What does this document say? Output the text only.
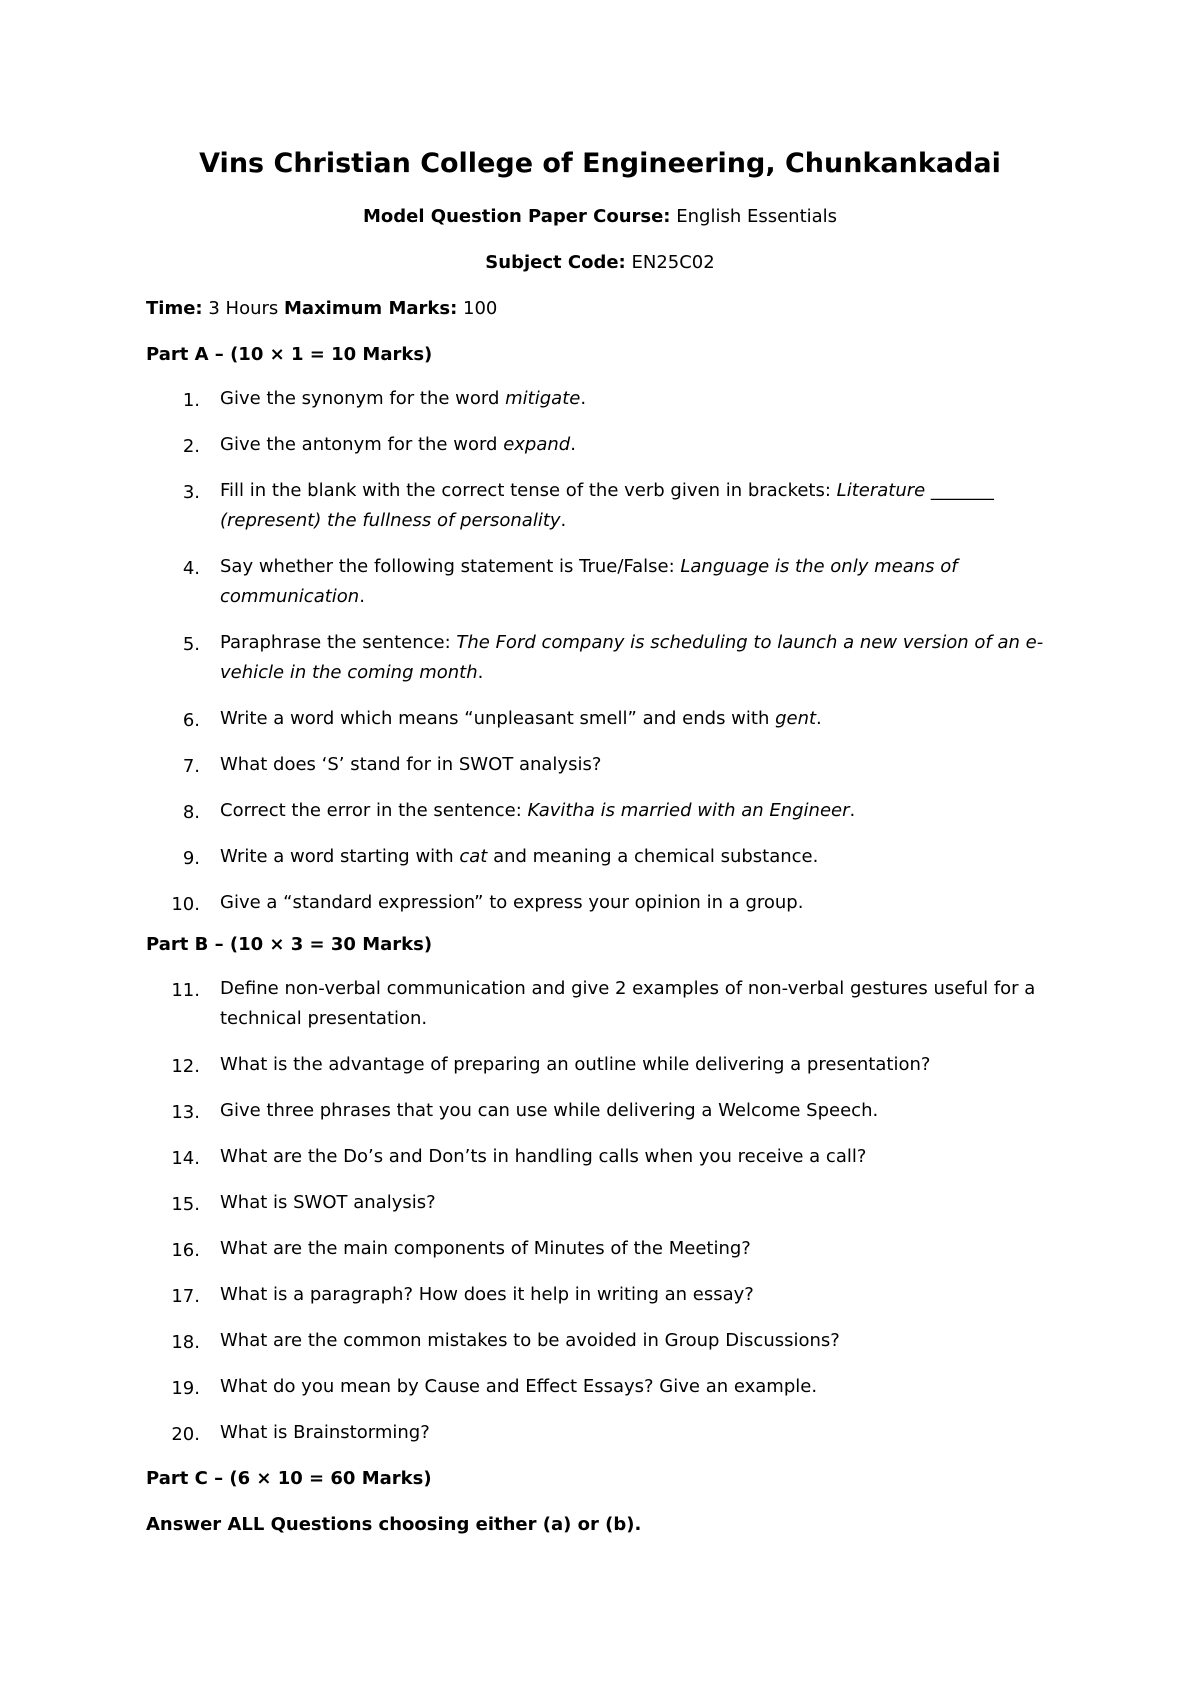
Vins Christian College of Engineering, Chunkankadai
Model Question Paper Course: English Essentials
Subject Code: EN25C02
Time: 3 Hours Maximum Marks: 100
Part A – (10 × 1 = 10 Marks)
1. Give the synonym for the word mitigate.
2. Give the antonym for the word expand.
3. Fill in the blank with the correct tense of the verb given in brackets: Literature _______ (represent) the fullness of personality.
4. Say whether the following statement is True/False: Language is the only means of communication.
5. Paraphrase the sentence: The Ford company is scheduling to launch a new version of an e-vehicle in the coming month.
6. Write a word which means “unpleasant smell” and ends with gent.
7. What does ‘S’ stand for in SWOT analysis?
8. Correct the error in the sentence: Kavitha is married with an Engineer.
9. Write a word starting with cat and meaning a chemical substance.
10. Give a “standard expression” to express your opinion in a group.
Part B – (10 × 3 = 30 Marks)
11. Define non-verbal communication and give 2 examples of non-verbal gestures useful for a technical presentation.
12. What is the advantage of preparing an outline while delivering a presentation?
13. Give three phrases that you can use while delivering a Welcome Speech.
14. What are the Do’s and Don’ts in handling calls when you receive a call?
15. What is SWOT analysis?
16. What are the main components of Minutes of the Meeting?
17. What is a paragraph? How does it help in writing an essay?
18. What are the common mistakes to be avoided in Group Discussions?
19. What do you mean by Cause and Effect Essays? Give an example.
20. What is Brainstorming?
Part C – (6 × 10 = 60 Marks)
Answer ALL Questions choosing either (a) or (b).
